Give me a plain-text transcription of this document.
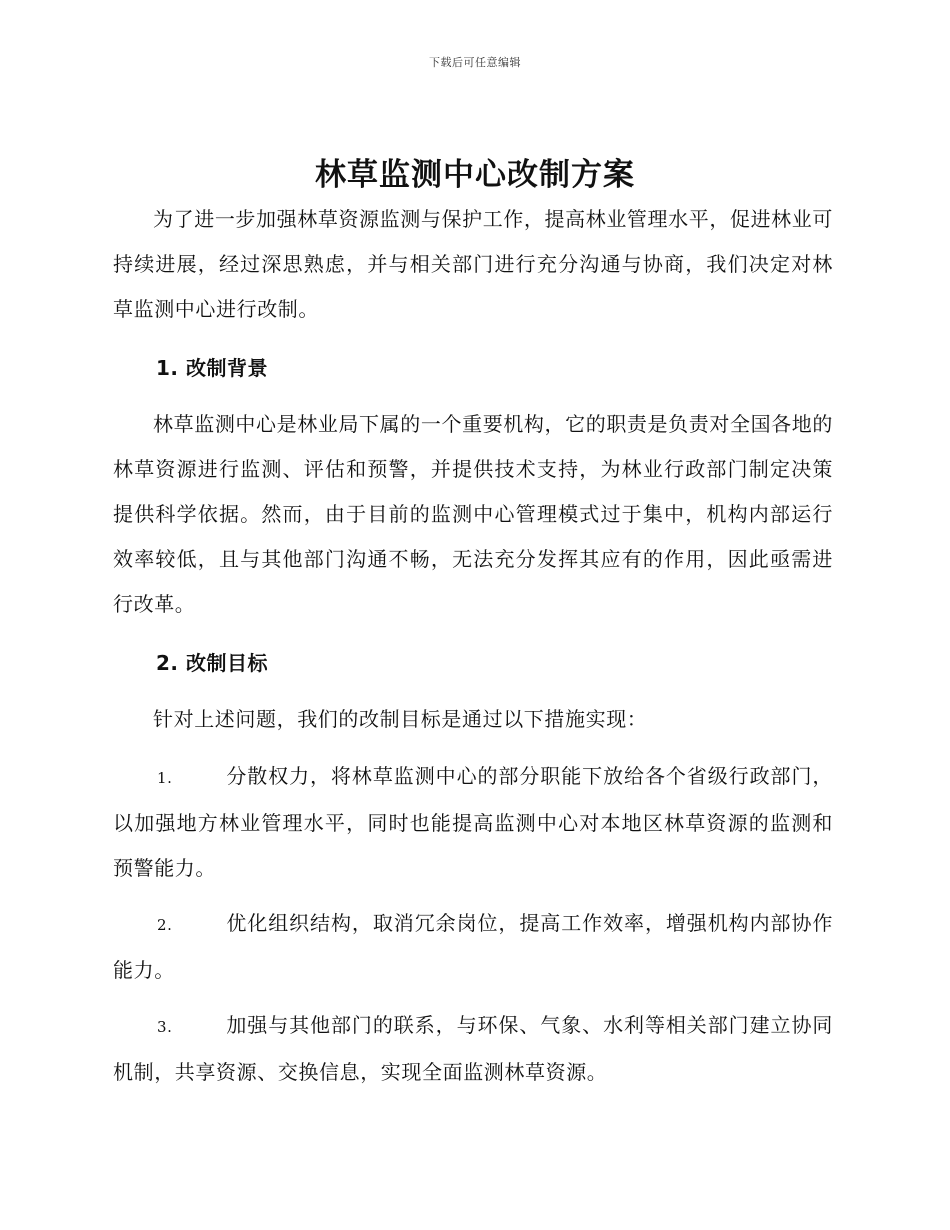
下载后可任意编辑
林草监测中心改制方案
为了进一步加强林草资源监测与保护工作，提高林业管理水平，促进林业可持续进展，经过深思熟虑，并与相关部门进行充分沟通与协商，我们决定对林草监测中心进行改制。
1. 改制背景
林草监测中心是林业局下属的一个重要机构，它的职责是负责对全国各地的林草资源进行监测、评估和预警，并提供技术支持，为林业行政部门制定决策提供科学依据。然而，由于目前的监测中心管理模式过于集中，机构内部运行效率较低，且与其他部门沟通不畅，无法充分发挥其应有的作用，因此亟需进行改革。
2. 改制目标
针对上述问题，我们的改制目标是通过以下措施实现：
1.	分散权力，将林草监测中心的部分职能下放给各个省级行政部门，以加强地方林业管理水平，同时也能提高监测中心对本地区林草资源的监测和预警能力。
2.	优化组织结构，取消冗余岗位，提高工作效率，增强机构内部协作能力。
3.	加强与其他部门的联系，与环保、气象、水利等相关部门建立协同机制，共享资源、交换信息，实现全面监测林草资源。
